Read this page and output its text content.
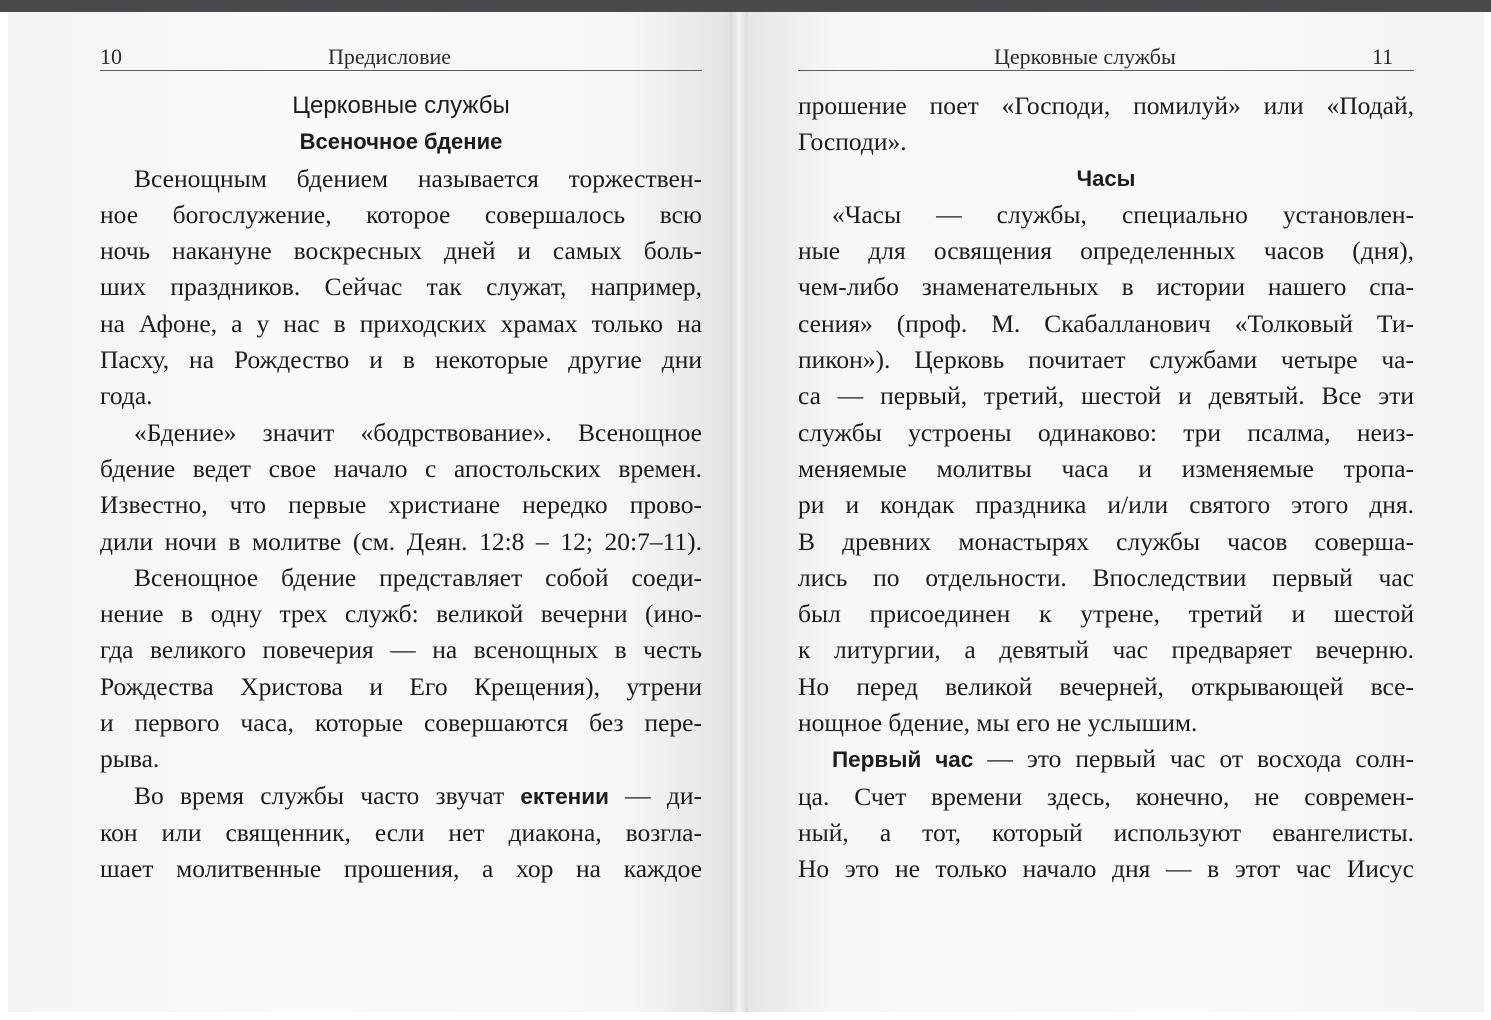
10	Предисловие
Церковные службы
Всеночное бдение
Всенощным бдением называется торжествен-
ное богослужение, которое совершалось всю
ночь накануне воскресных дней и самых боль-
ших праздников. Сейчас так служат, например,
на Афоне, а у нас в приходских храмах только на
Пасху, на Рождество и в некоторые другие дни
года.
«Бдение» значит «бодрствование». Всенощное
бдение ведет свое начало с апостольских времен.
Известно, что первые христиане нередко прово-
дили ночи в молитве (см. Деян. 12:8 – 12; 20:7–11).
Всенощное бдение представляет собой соеди-
нение в одну трех служб: великой вечерни (ино-
гда великого повечерия — на всенощных в честь
Рождества Христова и Его Крещения), утрени
и первого часа, которые совершаются без пере-
рыва.
Во время службы часто звучат ектении — ди-
кон или священник, если нет диакона, возгла-
шает молитвенные прошения, а хор на каждое
Церковные службы	11
прошение поет «Господи, помилуй» или «Подай,
Господи».
Часы
«Часы — службы, специально установлен-
ные для освящения определенных часов (дня),
чем-либо знаменательных в истории нашего спа-
сения» (проф. М. Скабалланович «Толковый Ти-
пикон»). Церковь почитает службами четыре ча-
са — первый, третий, шестой и девятый. Все эти
службы устроены одинаково: три псалма, неиз-
меняемые молитвы часа и изменяемые тропа-
ри и кондак праздника и/или святого этого дня.
В древних монастырях службы часов соверша-
лись по отдельности. Впоследствии первый час
был присоединен к утрене, третий и шестой
к литургии, а девятый час предваряет вечерню.
Но перед великой вечерней, открывающей все-
нощное бдение, мы его не услышим.
Первый час — это первый час от восхода солн-
ца. Счет времени здесь, конечно, не современ-
ный, а тот, который используют евангелисты.
Но это не только начало дня — в этот час Иисус
